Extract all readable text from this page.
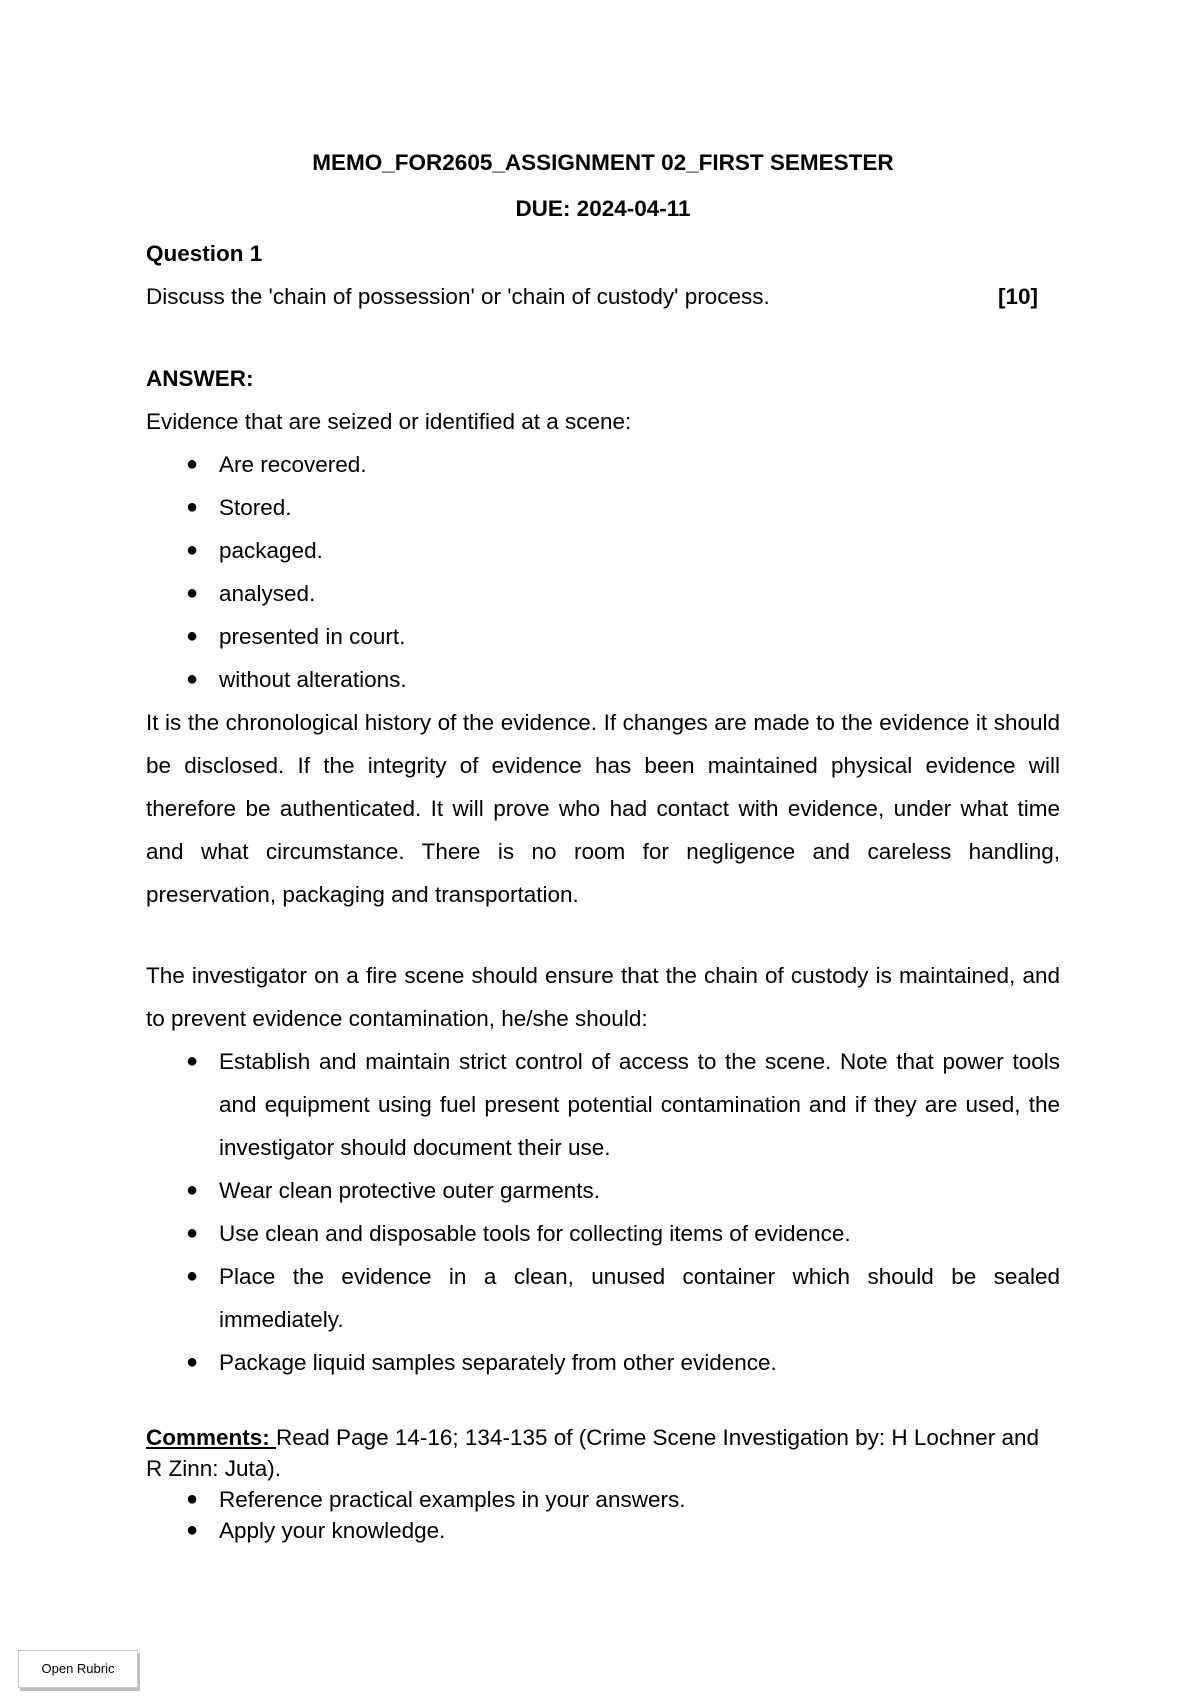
MEMO_FOR2605_ASSIGNMENT 02_FIRST SEMESTER

DUE: 2024-04-11

Question 1

Discuss the 'chain of possession' or 'chain of custody' process.	[10]

ANSWER:

Evidence that are seized or identified at a scene:

● Are recovered.
● Stored.
● packaged.
● analysed.
● presented in court.
● without alterations.

It is the chronological history of the evidence. If changes are made to the evidence it should be disclosed. If the integrity of evidence has been maintained physical evidence will therefore be authenticated. It will prove who had contact with evidence, under what time and what circumstance. There is no room for negligence and careless handling, preservation, packaging and transportation.

The investigator on a fire scene should ensure that the chain of custody is maintained, and to prevent evidence contamination, he/she should:

● Establish and maintain strict control of access to the scene. Note that power tools and equipment using fuel present potential contamination and if they are used, the investigator should document their use.
● Wear clean protective outer garments.
● Use clean and disposable tools for collecting items of evidence.
● Place the evidence in a clean, unused container which should be sealed immediately.
● Package liquid samples separately from other evidence.

Comments: Read Page 14-16; 134-135 of (Crime Scene Investigation by: H Lochner and R Zinn: Juta).

● Reference practical examples in your answers.
● Apply your knowledge.
Open Rubric
